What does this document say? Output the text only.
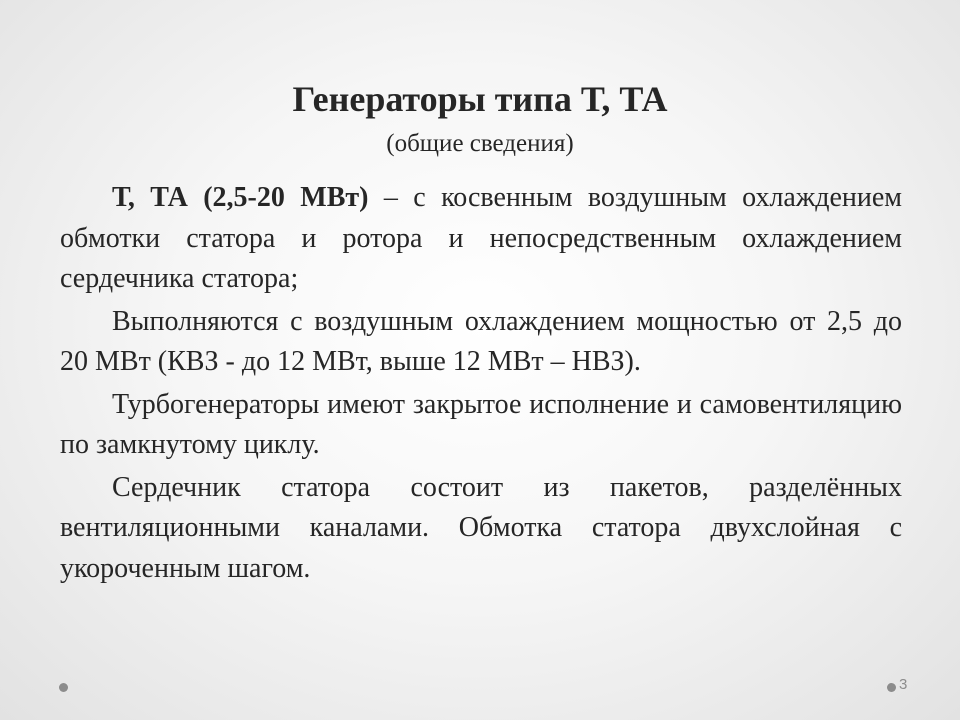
Генераторы типа Т, ТА
(общие сведения)

Т, ТА (2,5-20 МВт) – с косвенным воздушным охлаждением обмотки статора и ротора и непосредственным охлаждением сердечника статора;

Выполняются с воздушным охлаждением мощностью от 2,5 до 20 МВт (КВЗ - до 12 МВт, выше 12 МВт – НВЗ).

Турбогенераторы имеют закрытое исполнение и самовентиляцию по замкнутому циклу.

Сердечник статора состоит из пакетов, разделённых вентиляционными каналами. Обмотка статора двухслойная с укороченным шагом.

3
